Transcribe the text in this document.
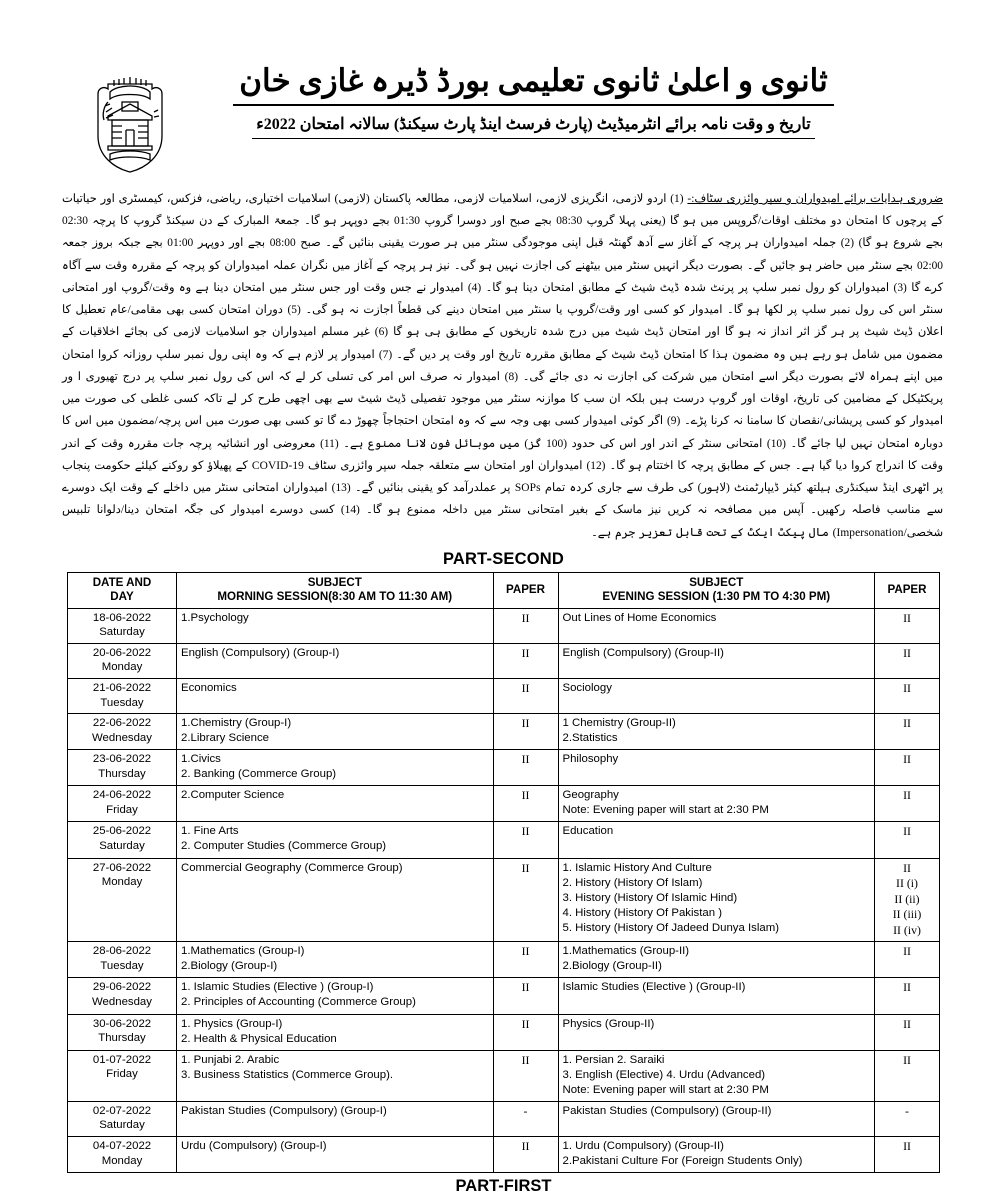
ثانوی و اعلیٰ ثانوی تعلیمی بورڈ ڈیرہ غازی خان
تاریخ و وقت نامہ برائے انٹرمیڈیٹ (پارٹ فرسٹ اینڈ پارٹ سیکنڈ) سالانہ امتحان 2022ء
ضروری ہدایات برائے امیدواران و سپر وائزری سٹاف:- (1) اردو لازمی، انگریزی لازمی، اسلامیات لازمی، مطالعہ پاکستان (لازمی) اسلامیات اختیاری، ریاضی، فزکس، کیمسٹری اور حیاتیات کے پرچوں کا امتحان دو مختلف اوقات/گروپس میں ہو گا (یعنی پہلا گروپ 08:30 بجے صبح اور دوسرا گروپ 01:30 بجے دوپہر ہو گا۔ جمعۃ المبارک کے دن سیکنڈ گروپ کا پرچہ 02:30 بجے شروع ہو گا) (2) جملہ امیدواران ہر پرچہ کے آغاز سے آدھ گھنٹہ قبل اپنی موجودگی سنٹر میں ہر صورت یقینی بنائیں گے۔ صبح 08:00 بجے اور دوپہر 01:00 بجے جبکہ بروز جمعہ 02:00 بجے سنٹر میں حاضر ہو جائیں گے۔ بصورت دیگر انہیں سنٹر میں بیٹھنے کی اجازت نہیں ہو گی۔ نیز ہر پرچہ کے آغاز میں نگران عملہ امیدواران کو پرچہ کے مقررہ وقت سے آگاہ کرے گا (3) امیدواران کو رول نمبر سلپ پر پرنٹ شدہ ڈیٹ شیٹ کے مطابق امتحان دینا ہو گا۔ (4) امیدوار نے جس وقت اور جس سنٹر میں امتحان دینا ہے وہ وقت/گروپ اور امتحانی سنٹر اس کی رول نمبر سلپ پر لکھا ہو گا۔ امیدوار کو کسی اور وقت/گروپ یا سنٹر میں امتحان دینے کی قطعاً اجازت نہ ہو گی۔ (5) دوران امتحان کسی بھی مقامی/عام تعطیل کا اعلان ڈیٹ شیٹ پر ہر گز اثر انداز نہ ہو گا اور امتحان ڈیٹ شیٹ میں درج شدہ تاریخوں کے مطابق ہی ہو گا (6) غیر مسلم امیدواران جو اسلامیات لازمی کی بجائے اخلاقیات کے مضمون میں شامل ہو رہے ہیں وہ مضمون ہذا کا امتحان ڈیٹ شیٹ کے مطابق مقررہ تاریخ اور وقت پر دیں گے۔ (7) امیدوار پر لازم ہے کہ وہ اپنی رول نمبر سلپ روزانہ کروا امتحان میں اپنے ہمراہ لائے بصورت دیگر اسے امتحان میں شرکت کی اجازت نہ دی جائے گی۔ (8) امیدوار نہ صرف اس امر کی تسلی کر لے کہ اس کی رول نمبر سلپ پر درج تھیوری ا ور پریکٹیکل کے مضامین کی تاریخ، اوقات اور گروپ درست ہیں بلکہ ان سب کا موازنہ سنٹر میں موجود تفصیلی ڈیٹ شیٹ سے بھی اچھی طرح کر لے تاکہ کسی غلطی کی صورت میں امیدوار کو کسی پریشانی/نقصان کا سامنا نہ کرنا پڑے۔ (9) اگر کوئی امیدوار کسی بھی وجہ سے کہ وہ امتحان احتجاجاً چھوڑ دے گا تو کسی بھی صورت میں اس پرچہ/مضمون میں اس کا دوبارہ امتحان نہیں لیا جائے گا۔ (10) امتحانی سنٹر کے اندر اور اس کی حدود (100 گز) میں موبائل فون لانا ممنوع ہے۔ (11) معروضی اور انشائیہ پرچہ جات مقررہ وقت کے اندر وقت کا اندراج کروا دیا گیا ہے۔ جس کے مطابق پرچہ کا اختتام ہو گا۔ (12) امیدواران اور امتحان سے متعلقہ جملہ سپر وائزری سٹاف COVID-19 کے پھیلاؤ کو روکنے کیلئے حکومت پنجاب پر اٹھری اینڈ سیکنڈری ہیلتھ کیئر ڈیپارٹمنٹ (لاہور) کی طرف سے جاری کردہ تمام SOPs پر عملدرآمد کو یقینی بنائیں گے۔ (13) امیدواران امتحانی سنٹر میں داخلے کے وقت ایک دوسرے سے مناسب فاصلہ رکھیں۔ آپس میں مصافحہ نہ کریں نیز ماسک کے بغیر امتحانی سنٹر میں داخلہ ممنوع ہو گا۔ (14) کسی دوسرے امیدوار کی جگہ امتحان دینا/دلوانا تلبیس شخصی/Impersonation) مال پیکٹ ایکٹ کے تحت قابل تعزیر جرم ہے۔
PART-SECOND
DATE AND
DAY	SUBJECT
MORNING SESSION(8:30 AM TO 11:30 AM)	PAPER	SUBJECT
EVENING SESSION (1:30 PM TO 4:30 PM)	PAPER

18-06-2022
Saturday	1.Psychology	II	Out Lines of Home Economics	II

20-06-2022
Monday	English (Compulsory) (Group-I)	II	English (Compulsory) (Group-II)	II

21-06-2022
Tuesday	Economics	II	Sociology	II

22-06-2022
Wednesday	1.Chemistry (Group-I)
2.Library Science	II	1 Chemistry (Group-II)
2.Statistics	II

23-06-2022
Thursday	1.Civics
2. Banking (Commerce Group)	II	Philosophy	II

24-06-2022
Friday	2.Computer Science	II	Geography
Note: Evening paper will start at 2:30 PM	II

25-06-2022
Saturday	1. Fine Arts
2. Computer Studies (Commerce Group)	II	Education	II

27-06-2022
Monday	Commercial Geography (Commerce Group)	II	1. Islamic History And Culture
2. History (History Of Islam)
3. History (History Of Islamic Hind)
4. History (History Of Pakistan )
5. History (History Of Jadeed Dunya Islam)	II
II (i)
II (ii)
II (iii)
II (iv)

28-06-2022
Tuesday	1.Mathematics (Group-I)
2.Biology (Group-I)	II	1.Mathematics (Group-II)
2.Biology (Group-II)	II

29-06-2022
Wednesday	1. Islamic Studies (Elective ) (Group-I)
2. Principles of Accounting (Commerce Group)	II	Islamic Studies (Elective ) (Group-II)	II

30-06-2022
Thursday	1. Physics (Group-I)
2. Health & Physical Education	II	Physics (Group-II)	II

01-07-2022
Friday	1. Punjabi 2. Arabic
3. Business Statistics (Commerce Group).	II	1. Persian 2. Saraiki
3. English (Elective) 4. Urdu (Advanced)
Note: Evening paper will start at 2:30 PM	II

02-07-2022
Saturday	Pakistan Studies (Compulsory) (Group-I)	-	Pakistan Studies (Compulsory) (Group-II)	-

04-07-2022
Monday	Urdu (Compulsory) (Group-I)	II	1. Urdu (Compulsory) (Group-II)
2.Pakistani Culture For (Foreign Students Only)	II
PART-FIRST
